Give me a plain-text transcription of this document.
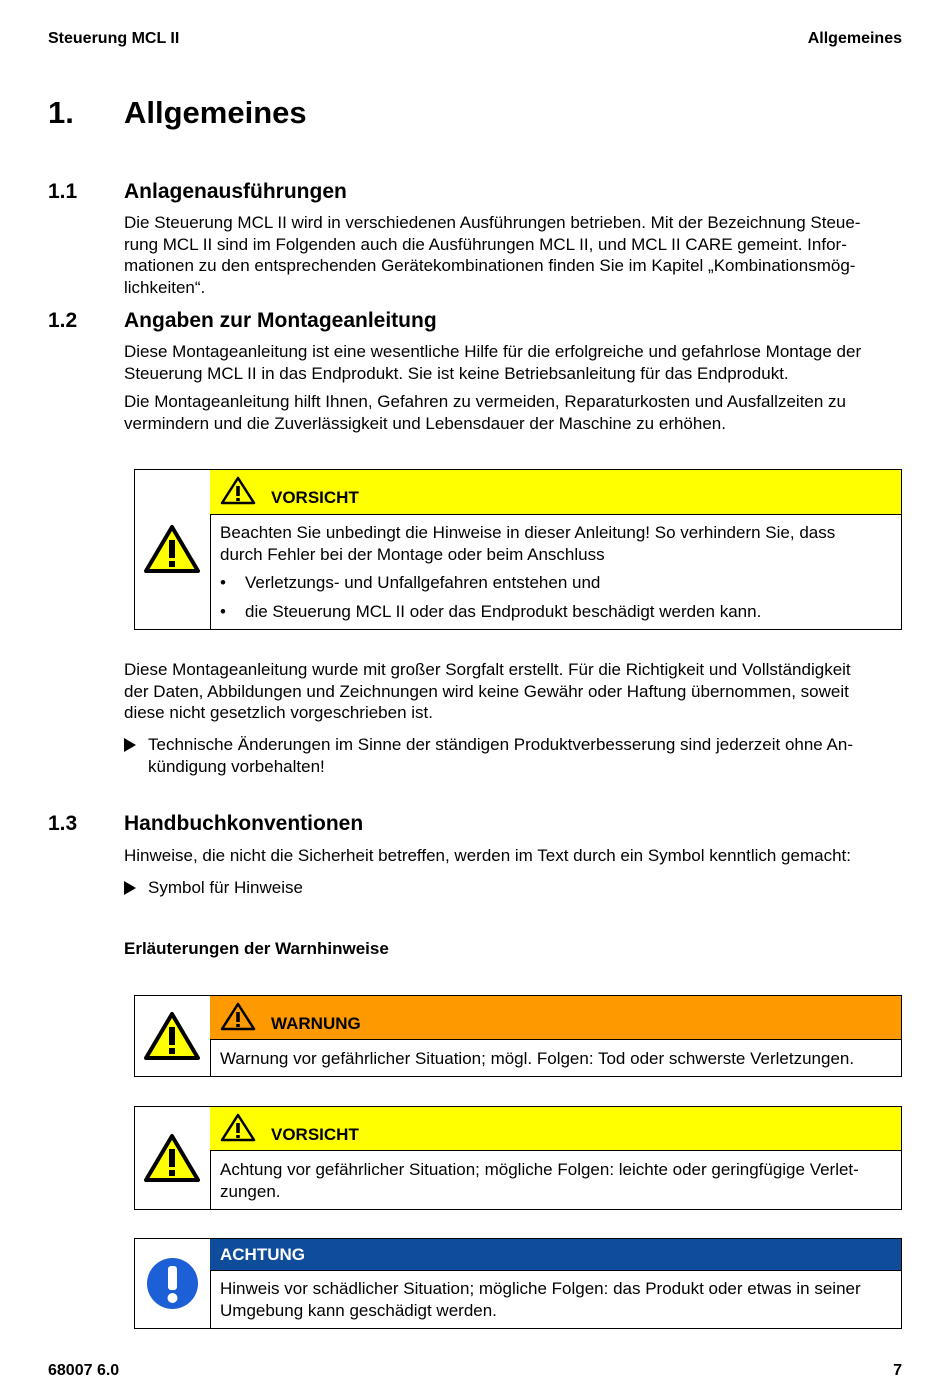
Steuerung MCL II	Allgemeines
1. Allgemeines
1.1 Anlagenausführungen
Die Steuerung MCL II wird in verschiedenen Ausführungen betrieben. Mit der Bezeichnung Steue-
rung MCL II sind im Folgenden auch die Ausführungen MCL II, und MCL II CARE gemeint. Infor-
mationen zu den entsprechenden Gerätekombinationen finden Sie im Kapitel „Kombinationsmög-
lichkeiten“.
1.2 Angaben zur Montageanleitung
Diese Montageanleitung ist eine wesentliche Hilfe für die erfolgreiche und gefahrlose Montage der
Steuerung MCL II in das Endprodukt. Sie ist keine Betriebsanleitung für das Endprodukt.
Die Montageanleitung hilft Ihnen, Gefahren zu vermeiden, Reparaturkosten und Ausfallzeiten zu
vermindern und die Zuverlässigkeit und Lebensdauer der Maschine zu erhöhen.
VORSICHT
Beachten Sie unbedingt die Hinweise in dieser Anleitung! So verhindern Sie, dass
durch Fehler bei der Montage oder beim Anschluss
• Verletzungs- und Unfallgefahren entstehen und
• die Steuerung MCL II oder das Endprodukt beschädigt werden kann.
Diese Montageanleitung wurde mit großer Sorgfalt erstellt. Für die Richtigkeit und Vollständigkeit
der Daten, Abbildungen und Zeichnungen wird keine Gewähr oder Haftung übernommen, soweit
diese nicht gesetzlich vorgeschrieben ist.
Technische Änderungen im Sinne der ständigen Produktverbesserung sind jederzeit ohne An-
kündigung vorbehalten!
1.3 Handbuchkonventionen
Hinweise, die nicht die Sicherheit betreffen, werden im Text durch ein Symbol kenntlich gemacht:
Symbol für Hinweise
Erläuterungen der Warnhinweise
WARNUNG
Warnung vor gefährlicher Situation; mögl. Folgen: Tod oder schwerste Verletzungen.
VORSICHT
Achtung vor gefährlicher Situation; mögliche Folgen: leichte oder geringfügige Verlet-
zungen.
ACHTUNG
Hinweis vor schädlicher Situation; mögliche Folgen: das Produkt oder etwas in seiner
Umgebung kann geschädigt werden.
68007 6.0	7
